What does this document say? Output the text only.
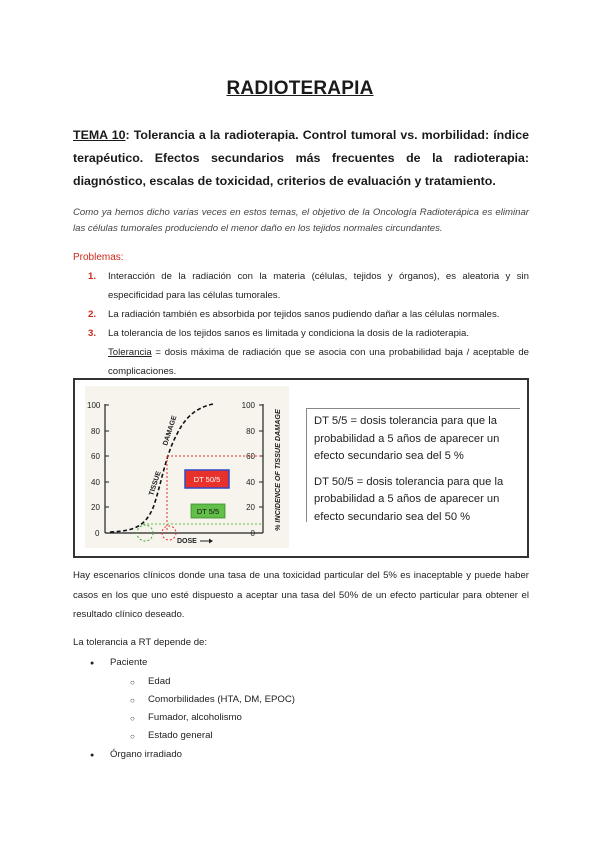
RADIOTERAPIA
TEMA 10: Tolerancia a la radioterapia. Control tumoral vs. morbilidad: índice terapéutico. Efectos secundarios más frecuentes de la radioterapia: diagnóstico, escalas de toxicidad, criterios de evaluación y tratamiento.
Como ya hemos dicho varias veces en estos temas, el objetivo de la Oncología Radioterápica es eliminar las células tumorales produciendo el menor daño en los tejidos normales circundantes.
Problemas:
1. Interacción de la radiación con la materia (células, tejidos y órganos), es aleatoria y sin especificidad para las células tumorales.
2. La radiación también es absorbida por tejidos sanos pudiendo dañar a las células normales.
3. La tolerancia de los tejidos sanos es limitada y condiciona la dosis de la radioterapia.
Tolerancia = dosis máxima de radiación que se asocia con una probabilidad baja / aceptable de complicaciones.
100
80
60
40
20
0
100
80
60
40
20
0
% INCIDENCE OF TISSUE DAMAGE
DAMAGE
TISSUE	DT 50/5
DT 5/5
DOSE

DT 5/5 = dosis tolerancia para que la probabilidad a 5 años de aparecer un efecto secundario sea del 5 %

DT 50/5 = dosis tolerancia para que la probabilidad a 5 años de aparecer un efecto secundario sea del 50 %

Hay escenarios clínicos donde una tasa de una toxicidad particular del 5% es inaceptable y puede haber casos en los que uno esté dispuesto a aceptar una tasa del 50% de un efecto particular para obtener el resultado clínico deseado.
La tolerancia a RT depende de:
● Paciente
○ Edad
○ Comorbilidades (HTA, DM, EPOC)
○ Fumador, alcoholismo
○ Estado general
● Órgano irradiado
